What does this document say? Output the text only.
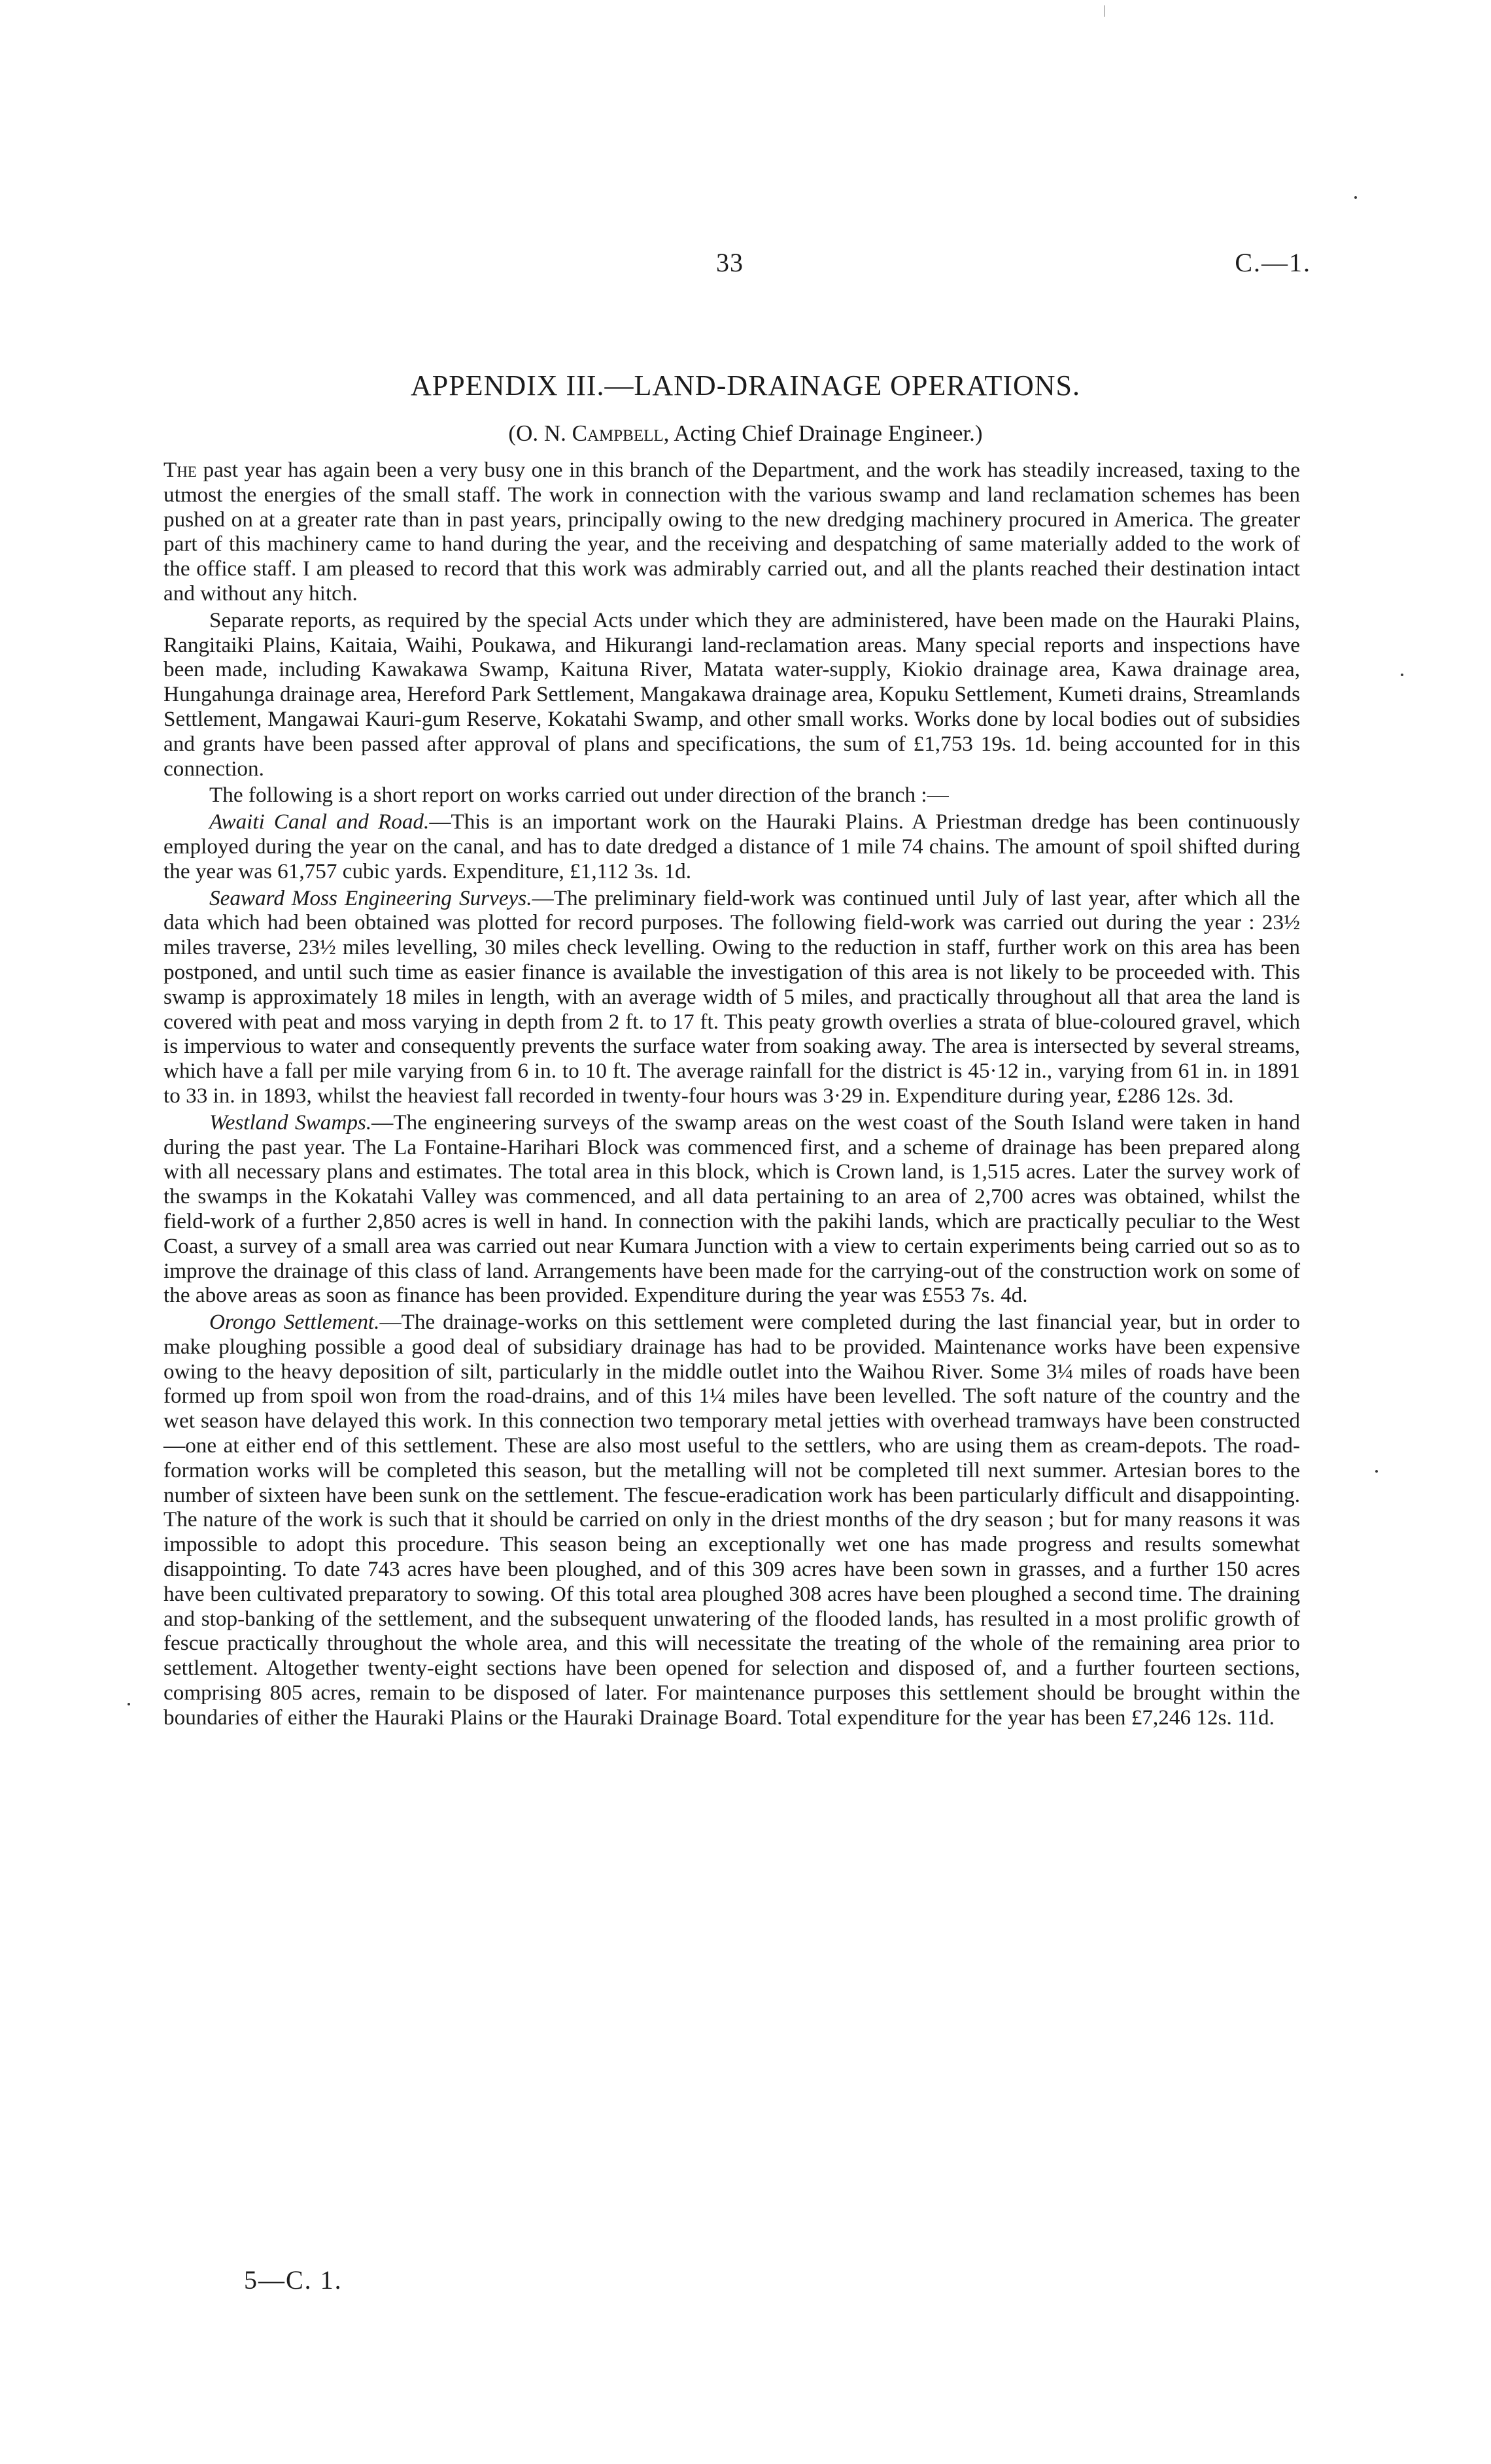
33	C.—1.
APPENDIX III.—LAND-DRAINAGE OPERATIONS.

(O. N. Campbell, Acting Chief Drainage Engineer.)

The past year has again been a very busy one in this branch of the Department, and the work has steadily increased, taxing to the utmost the energies of the small staff. The work in connection with the various swamp and land reclamation schemes has been pushed on at a greater rate than in past years, principally owing to the new dredging machinery procured in America. The greater part of this machinery came to hand during the year, and the receiving and despatching of same materially added to the work of the office staff. I am pleased to record that this work was admirably carried out, and all the plants reached their destination intact and without any hitch.

Separate reports, as required by the special Acts under which they are administered, have been made on the Hauraki Plains, Rangitaiki Plains, Kaitaia, Waihi, Poukawa, and Hikurangi land-reclamation areas. Many special reports and inspections have been made, including Kawakawa Swamp, Kaituna River, Matata water-supply, Kiokio drainage area, Kawa drainage area, Hungahunga drainage area, Hereford Park Settlement, Mangakawa drainage area, Kopuku Settlement, Kumeti drains, Streamlands Settlement, Mangawai Kauri-gum Reserve, Kokatahi Swamp, and other small works. Works done by local bodies out of subsidies and grants have been passed after approval of plans and specifications, the sum of £1,753 19s. 1d. being accounted for in this connection.

The following is a short report on works carried out under direction of the branch :—

Awaiti Canal and Road.—This is an important work on the Hauraki Plains. A Priestman dredge has been continuously employed during the year on the canal, and has to date dredged a distance of 1 mile 74 chains. The amount of spoil shifted during the year was 61,757 cubic yards. Expenditure, £1,112 3s. 1d.

Seaward Moss Engineering Surveys.—The preliminary field-work was continued until July of last year, after which all the data which had been obtained was plotted for record purposes. The following field-work was carried out during the year : 23½ miles traverse, 23½ miles levelling, 30 miles check levelling. Owing to the reduction in staff, further work on this area has been postponed, and until such time as easier finance is available the investigation of this area is not likely to be proceeded with. This swamp is approximately 18 miles in length, with an average width of 5 miles, and practically throughout all that area the land is covered with peat and moss varying in depth from 2 ft. to 17 ft. This peaty growth overlies a strata of blue-coloured gravel, which is impervious to water and consequently prevents the surface water from soaking away. The area is intersected by several streams, which have a fall per mile varying from 6 in. to 10 ft. The average rainfall for the district is 45·12 in., varying from 61 in. in 1891 to 33 in. in 1893, whilst the heaviest fall recorded in twenty-four hours was 3·29 in. Expenditure during year, £286 12s. 3d.

Westland Swamps.—The engineering surveys of the swamp areas on the west coast of the South Island were taken in hand during the past year. The La Fontaine-Harihari Block was commenced first, and a scheme of drainage has been prepared along with all necessary plans and estimates. The total area in this block, which is Crown land, is 1,515 acres. Later the survey work of the swamps in the Kokatahi Valley was commenced, and all data pertaining to an area of 2,700 acres was obtained, whilst the field-work of a further 2,850 acres is well in hand. In connection with the pakihi lands, which are practically peculiar to the West Coast, a survey of a small area was carried out near Kumara Junction with a view to certain experiments being carried out so as to improve the drainage of this class of land. Arrangements have been made for the carrying-out of the construction work on some of the above areas as soon as finance has been provided. Expenditure during the year was £553 7s. 4d.

Orongo Settlement.—The drainage-works on this settlement were completed during the last financial year, but in order to make ploughing possible a good deal of subsidiary drainage has had to be provided. Maintenance works have been expensive owing to the heavy deposition of silt, particularly in the middle outlet into the Waihou River. Some 3¼ miles of roads have been formed up from spoil won from the road-drains, and of this 1¼ miles have been levelled. The soft nature of the country and the wet season have delayed this work. In this connection two temporary metal jetties with overhead tramways have been constructed—one at either end of this settlement. These are also most useful to the settlers, who are using them as cream-depots. The road-formation works will be completed this season, but the metalling will not be completed till next summer. Artesian bores to the number of sixteen have been sunk on the settlement. The fescue-eradication work has been particularly difficult and disappointing. The nature of the work is such that it should be carried on only in the driest months of the dry season ; but for many reasons it was impossible to adopt this procedure. This season being an exceptionally wet one has made progress and results somewhat disappointing. To date 743 acres have been ploughed, and of this 309 acres have been sown in grasses, and a further 150 acres have been cultivated preparatory to sowing. Of this total area ploughed 308 acres have been ploughed a second time. The draining and stop-banking of the settlement, and the subsequent unwatering of the flooded lands, has resulted in a most prolific growth of fescue practically throughout the whole area, and this will necessitate the treating of the whole of the remaining area prior to settlement. Altogether twenty-eight sections have been opened for selection and disposed of, and a further fourteen sections, comprising 805 acres, remain to be disposed of later. For maintenance purposes this settlement should be brought within the boundaries of either the Hauraki Plains or the Hauraki Drainage Board. Total expenditure for the year has been £7,246 12s. 11d.

5—C. 1.
